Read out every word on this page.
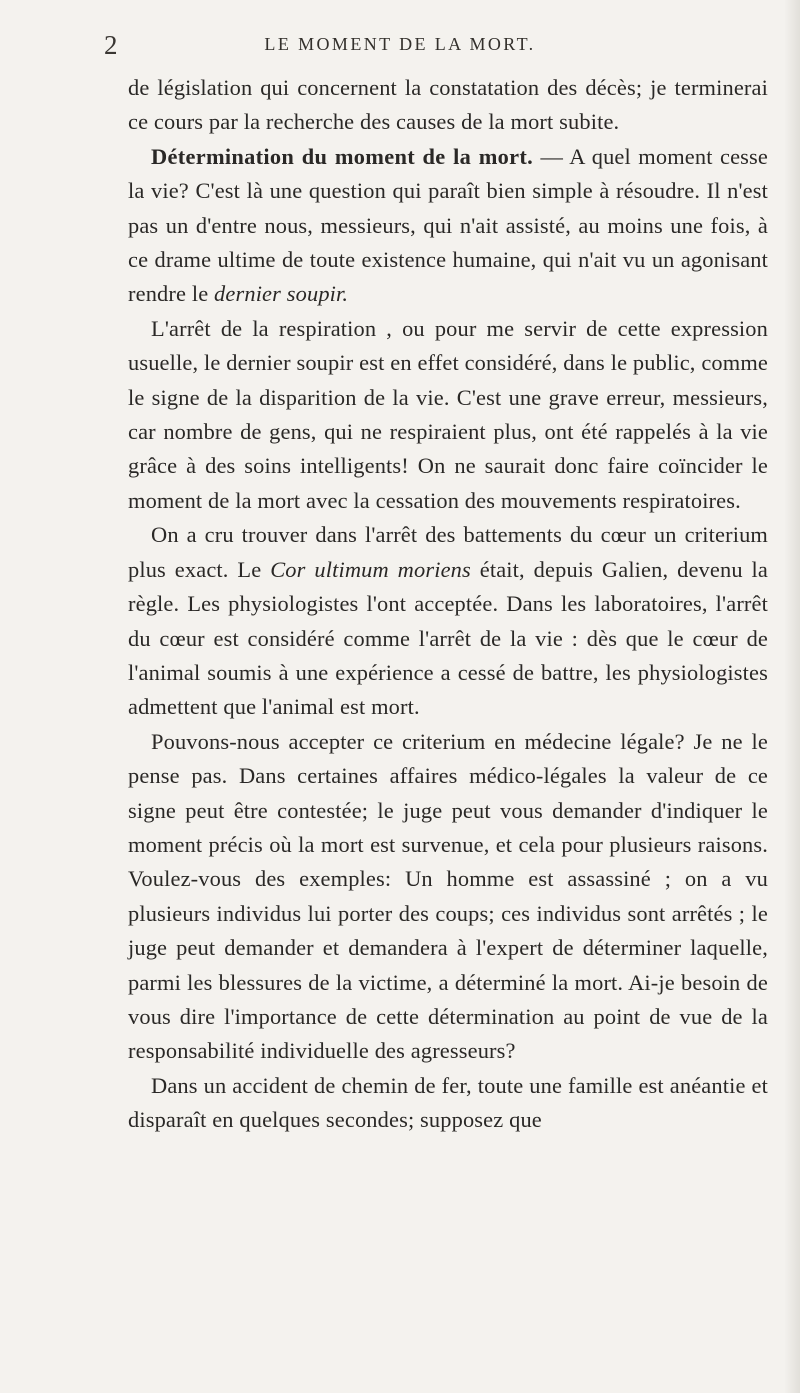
2	LE MOMENT DE LA MORT.

de législation qui concernent la constatation des décès; je terminerai ce cours par la recherche des causes de la mort subite.

Détermination du moment de la mort. — A quel moment cesse la vie? C'est là une question qui paraît bien simple à résoudre. Il n'est pas un d'entre nous, messieurs, qui n'ait assisté, au moins une fois, à ce drame ultime de toute existence humaine, qui n'ait vu un agonisant rendre le dernier soupir.

L'arrêt de la respiration , ou pour me servir de cette expression usuelle, le dernier soupir est en effet considéré, dans le public, comme le signe de la disparition de la vie. C'est une grave erreur, messieurs, car nombre de gens, qui ne respiraient plus, ont été rappelés à la vie grâce à des soins intelligents! On ne saurait donc faire coïncider le moment de la mort avec la cessation des mouvements respiratoires.

On a cru trouver dans l'arrêt des battements du cœur un criterium plus exact. Le Cor ultimum moriens était, depuis Galien, devenu la règle. Les physiologistes l'ont acceptée. Dans les laboratoires, l'arrêt du cœur est considéré comme l'arrêt de la vie : dès que le cœur de l'animal soumis à une expérience a cessé de battre, les physiologistes admettent que l'animal est mort.

Pouvons-nous accepter ce criterium en médecine légale? Je ne le pense pas. Dans certaines affaires médico-légales la valeur de ce signe peut être contestée; le juge peut vous demander d'indiquer le moment précis où la mort est survenue, et cela pour plusieurs raisons. Voulez-vous des exemples: Un homme est assassiné ; on a vu plusieurs individus lui porter des coups; ces individus sont arrêtés ; le juge peut demander et demandera à l'expert de déterminer laquelle, parmi les blessures de la victime, a déterminé la mort. Ai-je besoin de vous dire l'importance de cette détermination au point de vue de la responsabilité individuelle des agresseurs?

Dans un accident de chemin de fer, toute une famille est anéantie et disparaît en quelques secondes; supposez que
